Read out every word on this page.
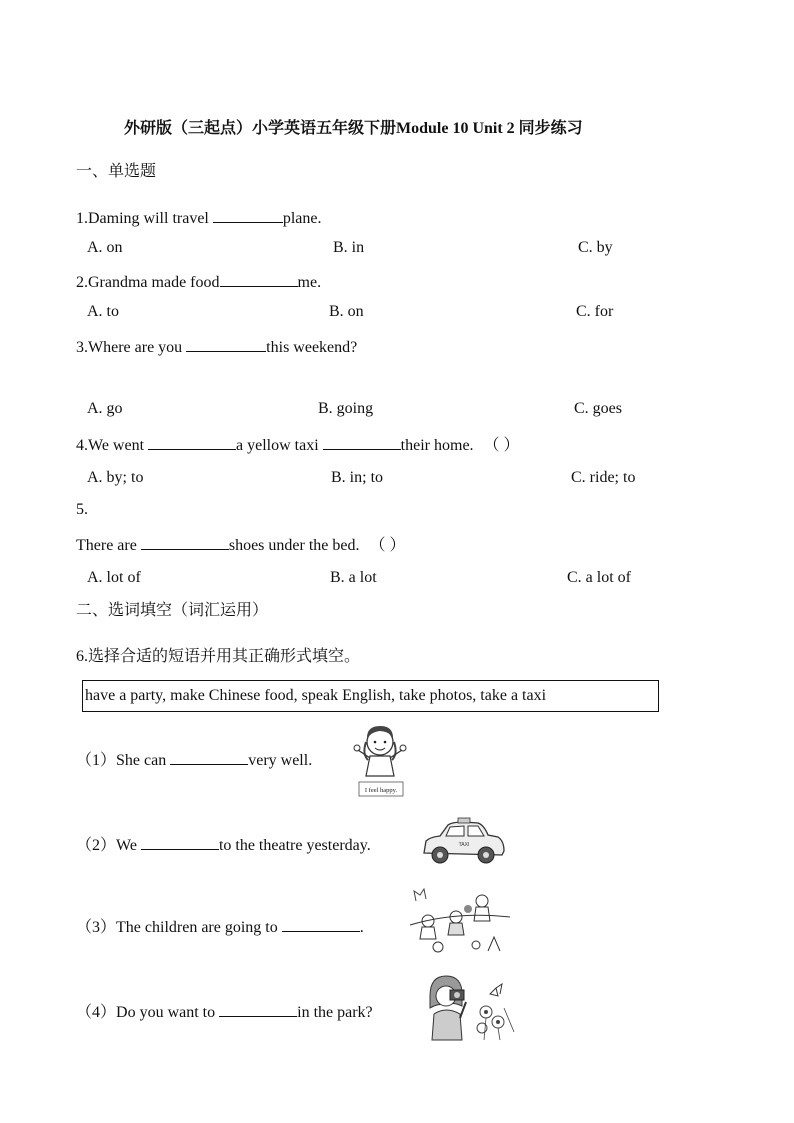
外研版（三起点）小学英语五年级下册Module 10 Unit 2 同步练习
一、单选题
1.Daming will travel	plane.
A. on	B. in	C. by
2.Grandma made food	me.
A. to	B. on	C. for
3.Where are you	this weekend?
A. go	B. going	C. goes
4.We went	a yellow taxi	their home. （ ）
A. by; to	B. in; to	C. ride; to
5.
There are	shoes under the bed. （ ）
A. lot of	B. a lot	C. a lot of
二、选词填空（词汇运用）
6.选择合适的短语并用其正确形式填空。
have a party, make Chinese food, speak English, take photos, take a taxi
（1）She can	very well.
I feel happy.
（2）We	to the theatre yesterday.	TAXI
（3）The children are going to	.
（4）Do you want to	in the park?
